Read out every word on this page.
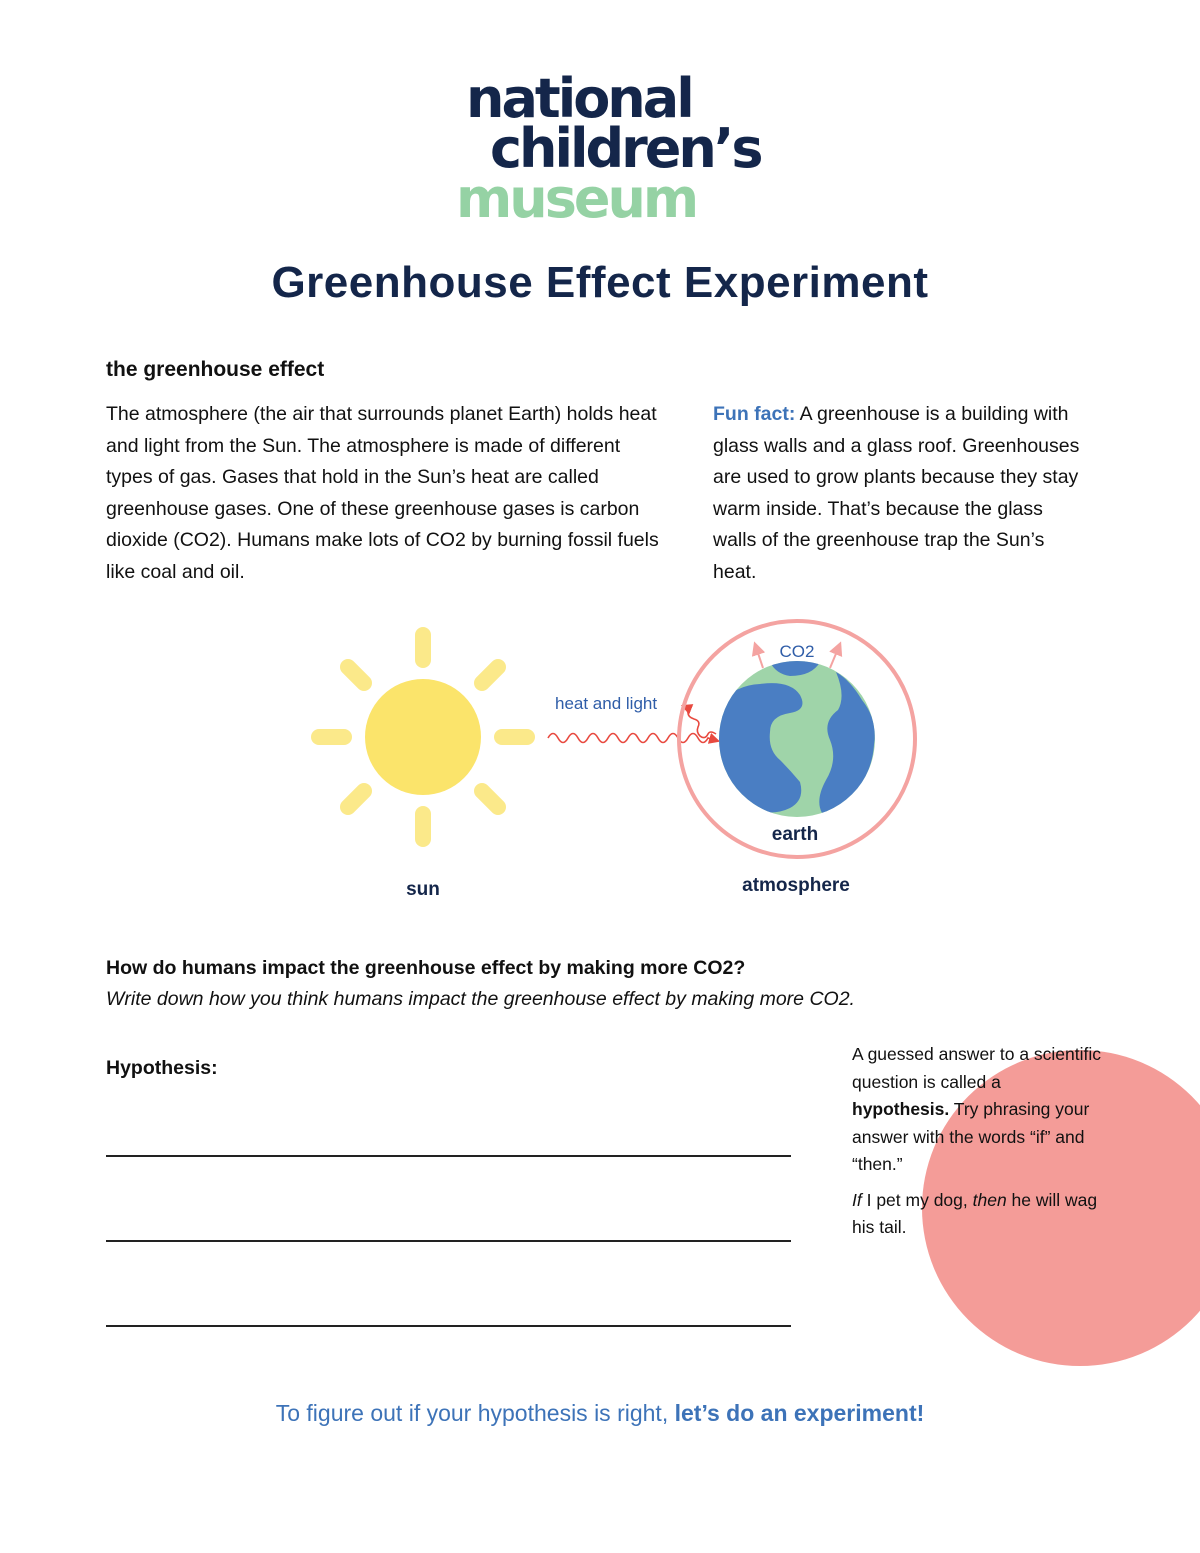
national
children’s
museum
Greenhouse Effect Experiment
the greenhouse effect
The atmosphere (the air that surrounds planet Earth) holds heat and light from the Sun. The atmosphere is made of different types of gas. Gases that hold in the Sun’s heat are called greenhouse gases. One of these greenhouse gases is carbon dioxide (CO2). Humans make lots of CO2 by burning fossil fuels like coal and oil.
Fun fact: A greenhouse is a building with glass walls and a glass roof. Greenhouses are used to grow plants because they stay warm inside. That’s because the glass walls of the greenhouse trap the Sun’s heat.
sun
heat and light
CO2
earth
atmosphere
How do humans impact the greenhouse effect by making more CO2?
Write down how you think humans impact the greenhouse effect by making more CO2.
Hypothesis:

A guessed answer to a scientific question is called a hypothesis. Try phrasing your answer with the words “if” and “then.”

If I pet my dog, then he will wag his tail.

To figure out if your hypothesis is right, let’s do an experiment!
